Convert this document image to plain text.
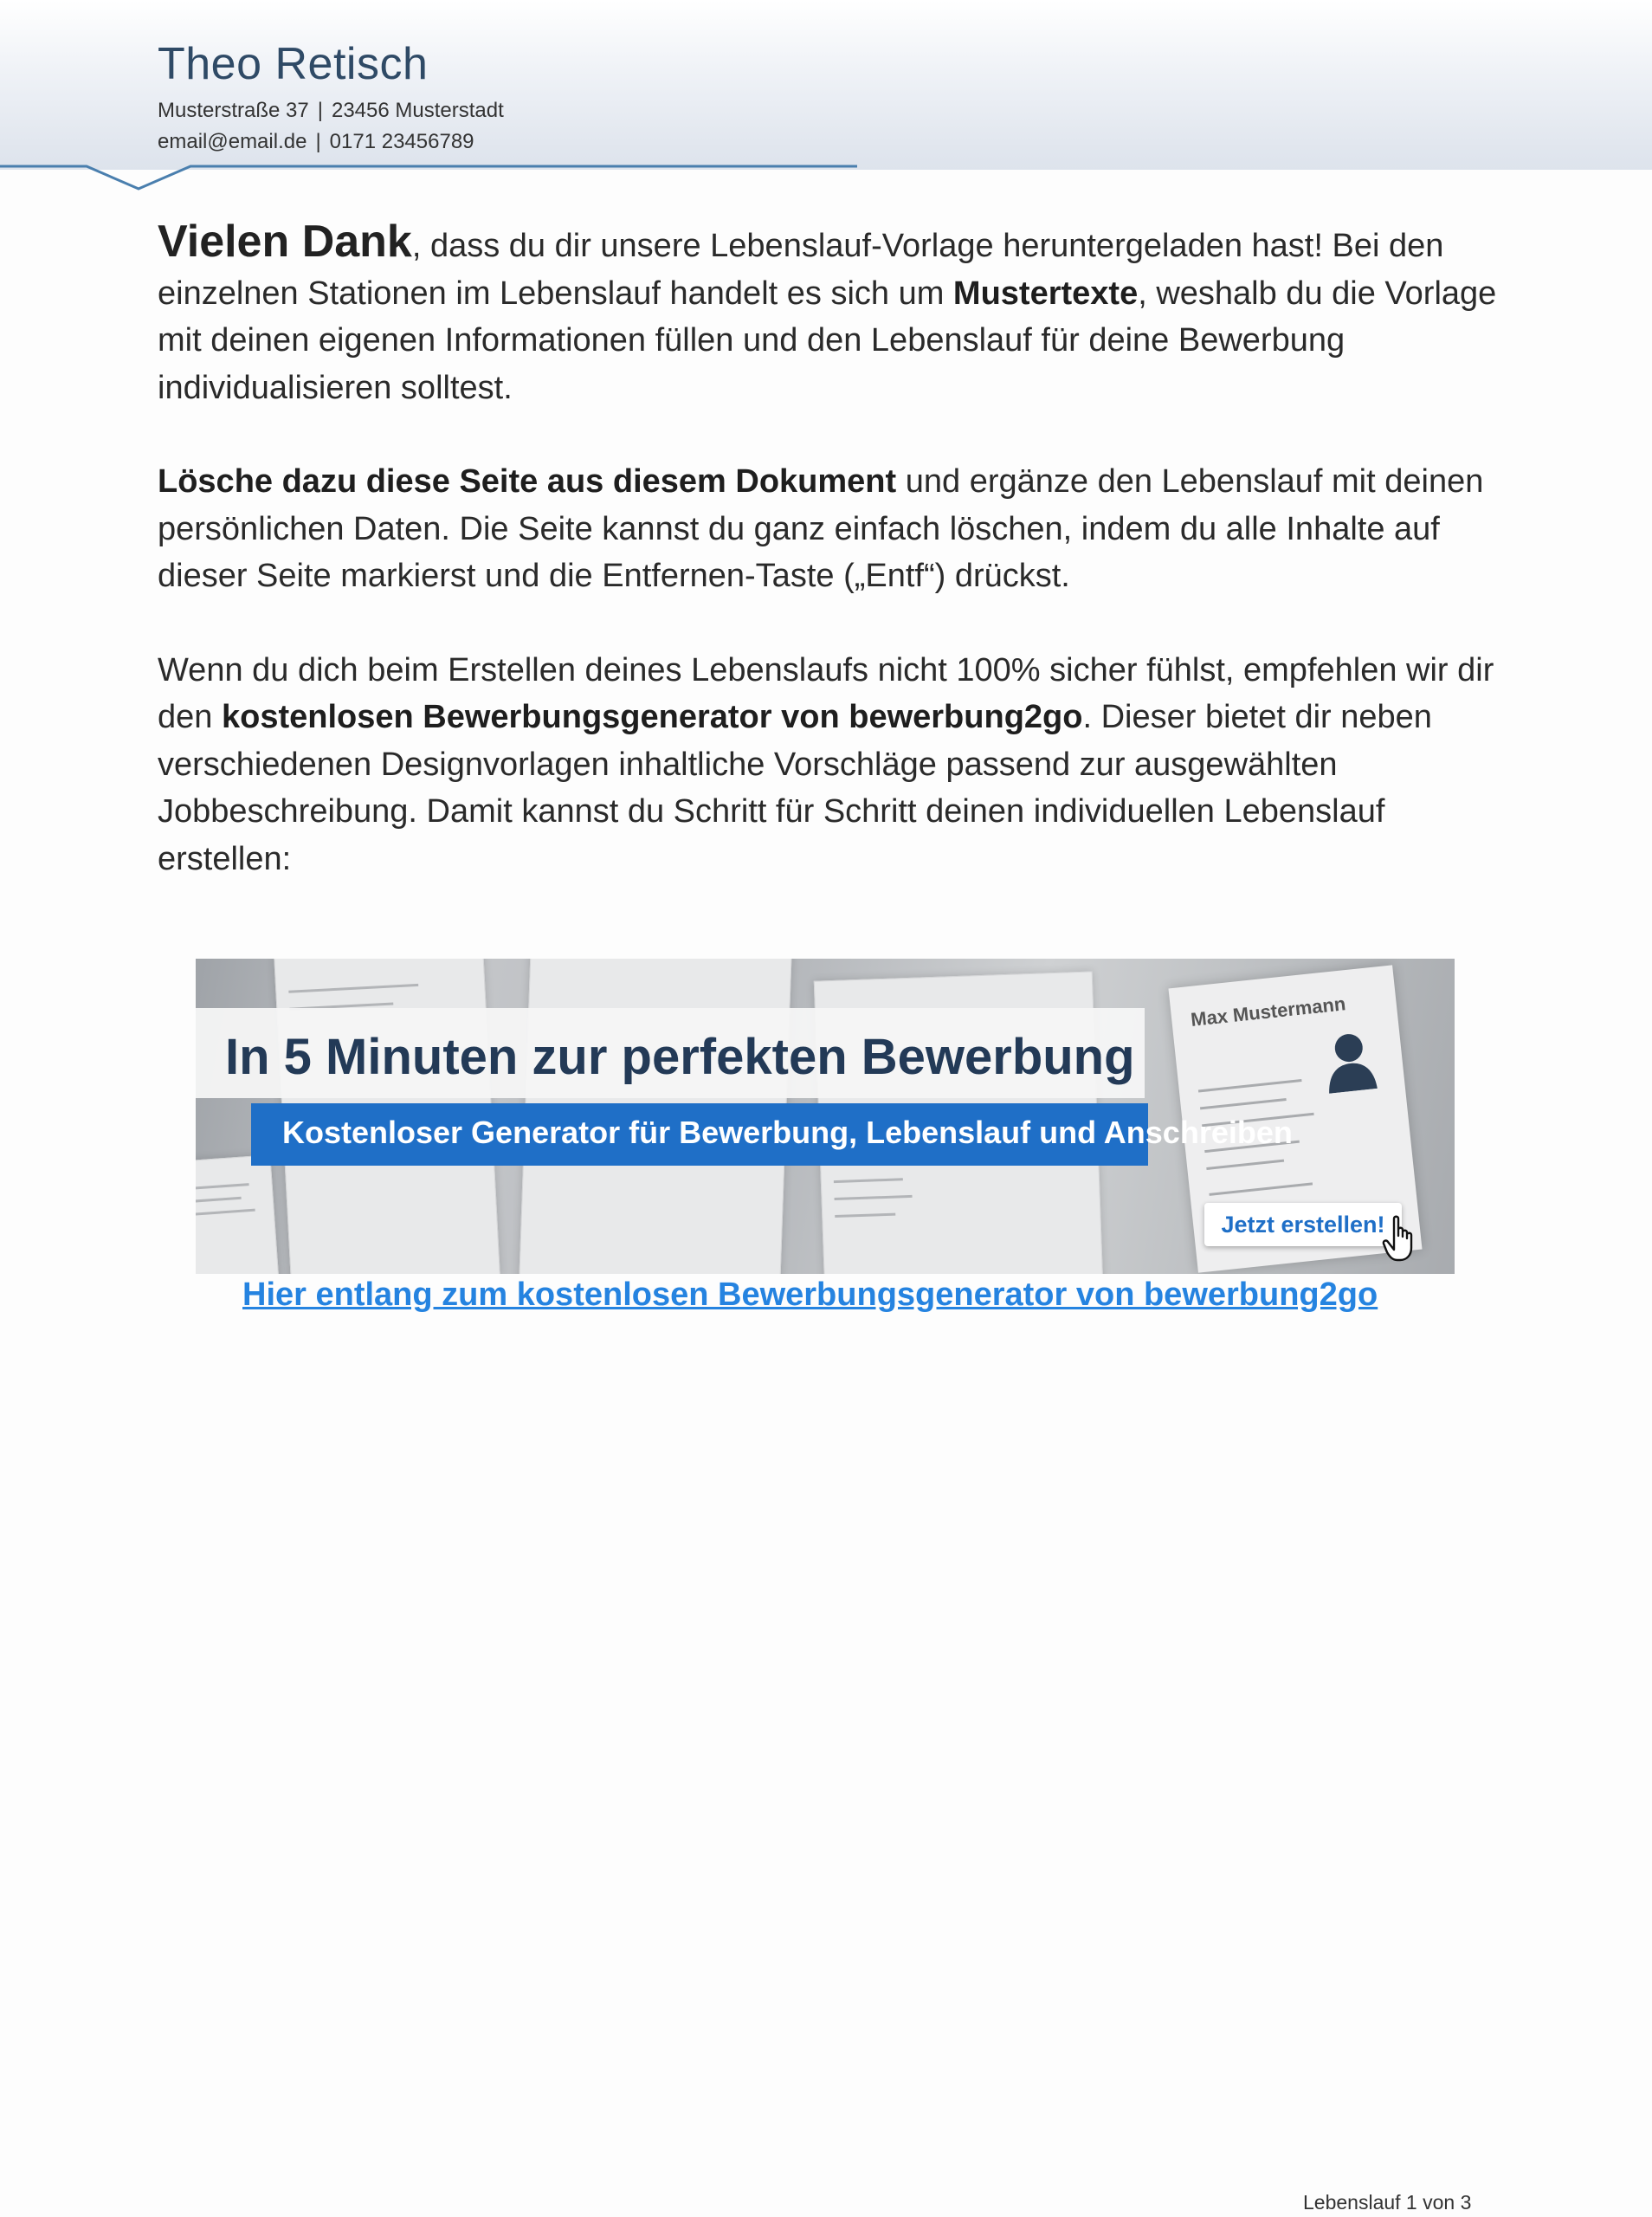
Theo Retisch
Musterstraße 37 | 23456 Musterstadt
email@email.de | 0171 23456789

Vielen Dank, dass du dir unsere Lebenslauf-Vorlage heruntergeladen hast! Bei den einzelnen Stationen im Lebenslauf handelt es sich um Mustertexte, weshalb du die Vorlage mit deinen eigenen Informationen füllen und den Lebenslauf für deine Bewerbung individualisieren solltest.

Lösche dazu diese Seite aus diesem Dokument und ergänze den Lebenslauf mit deinen persönlichen Daten. Die Seite kannst du ganz einfach löschen, indem du alle Inhalte auf dieser Seite markierst und die Entfernen-Taste („Entf“) drückst.

Wenn du dich beim Erstellen deines Lebenslaufs nicht 100% sicher fühlst, empfehlen wir dir den kostenlosen Bewerbungsgenerator von bewerbung2go. Dieser bietet dir neben verschiedenen Designvorlagen inhaltliche Vorschläge passend zur ausgewählten Jobbeschreibung. Damit kannst du Schritt für Schritt deinen individuellen Lebenslauf erstellen:

Max Mustermann
In 5 Minuten zur perfekten Bewerbung
Kostenloser Generator für Bewerbung, Lebenslauf und Anschreiben
Jetzt erstellen!
Hier entlang zum kostenlosen Bewerbungsgenerator von bewerbung2go
Lebenslauf 1 von 3
